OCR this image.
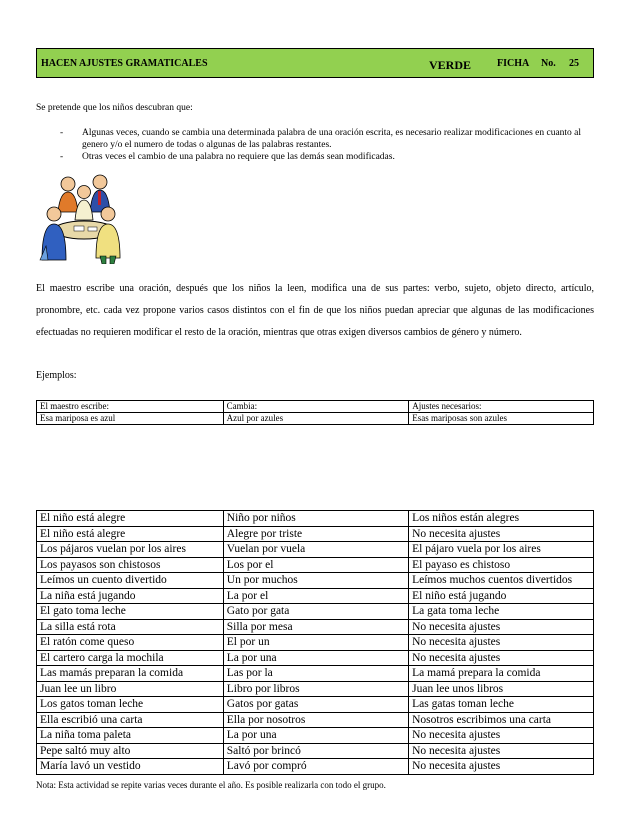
HACEN AJUSTES GRAMATICALES	VERDE	FICHA No. 25
Se pretende que los niños descubran que:
- Algunas veces, cuando se cambia una determinada palabra de una oración escrita, es necesario realizar modificaciones en cuanto al genero y/o el numero de todas o algunas de las palabras restantes.
- Otras veces el cambio de una palabra no requiere que las demás sean modificadas.

El maestro escribe una oración, después que los niños la leen, modifica una de sus partes: verbo, sujeto, objeto directo, artículo, pronombre, etc. cada vez propone varios casos distintos con el fin de que los niños puedan apreciar que algunas de las modificaciones efectuadas no requieren modificar el resto de la oración, mientras que otras exigen diversos cambios de género y número.

Ejemplos:
El maestro escribe:	Cambia:	Ajustes necesarios:
Esa mariposa es azul	Azul por azules	Esas mariposas son azules
El niño está alegre	Niño por niños	Los niños están alegres
El niño está alegre	Alegre por triste	No necesita ajustes
Los pájaros vuelan por los aires	Vuelan por vuela	El pájaro vuela por los aires
Los payasos son chistosos	Los por el	El payaso es chistoso
Leímos un cuento divertido	Un por muchos	Leímos muchos cuentos divertidos
La niña está jugando	La por el	El niño está jugando
El gato toma leche	Gato por gata	La gata toma leche
La silla está rota	Silla por mesa	No necesita ajustes
El ratón come queso	El por un	No necesita ajustes
El cartero carga la mochila	La por una	No necesita ajustes
Las mamás preparan la comida	Las por la	La mamá prepara la comida
Juan lee un libro	Libro por libros	Juan lee unos libros
Los gatos toman leche	Gatos por gatas	Las gatas toman leche
Ella escribió una carta	Ella por nosotros	Nosotros escribimos una carta
La niña toma paleta	La por una	No necesita ajustes
Pepe saltó muy alto	Saltó por brincó	No necesita ajustes
María lavó un vestido	Lavó por compró	No necesita ajustes
Nota: Esta actividad se repite varias veces durante el año. Es posible realizarla con todo el grupo.
